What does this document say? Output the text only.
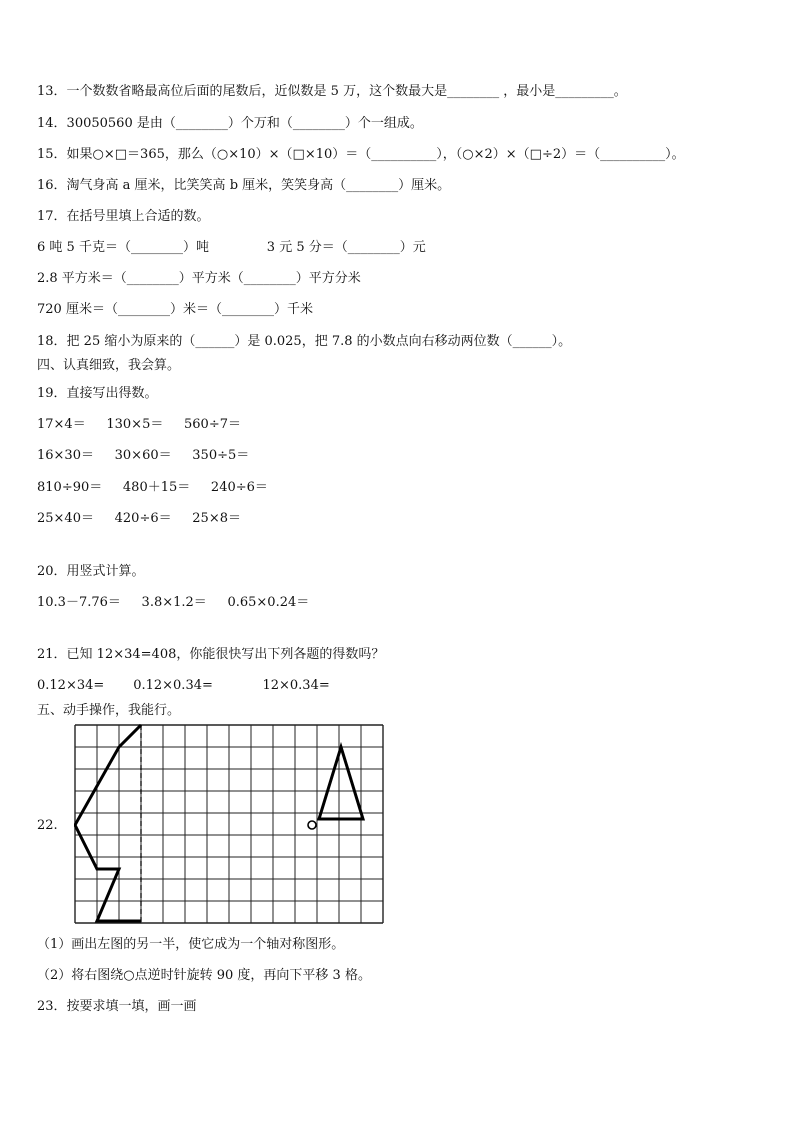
13．一个数数省略最高位后面的尾数后，近似数是 5 万，这个数最大是________ ，最小是_________。
14．30050560 是由（________）个万和（________）个一组成。
15．如果○×□＝365，那么（○×10）×（□×10）＝（__________），（○×2）×（□÷2）＝（__________）。
16．淘气身高 a 厘米，比笑笑高 b 厘米，笑笑身高（________）厘米。
17．在括号里填上合适的数。
6 吨 5 千克＝（________）吨              3 元 5 分＝（________）元
2.8 平方米＝（________）平方米（________）平方分米
720 厘米＝（________）米＝（________）千米
18．把 25 缩小为原来的（______）是 0.025，把 7.8 的小数点向右移动两位数（______）。
四、认真细致，我会算。
19．直接写出得数。
17×4＝     130×5＝     560÷7＝
16×30＝     30×60＝     350÷5＝
810÷90＝     480＋15＝     240÷6＝
25×40＝     420÷6＝     25×8＝
20．用竖式计算。
10.3－7.76＝     3.8×1.2＝     0.65×0.24＝
21．已知 12×34=408，你能很快写出下列各题的得数吗？
0.12×34=       0.12×0.34=            12×0.34=
五、动手操作，我能行。
22.
（1）画出左图的另一半，使它成为一个轴对称图形。
（2）将右图绕○点逆时针旋转 90 度，再向下平移 3 格。
23．按要求填一填，画一画
